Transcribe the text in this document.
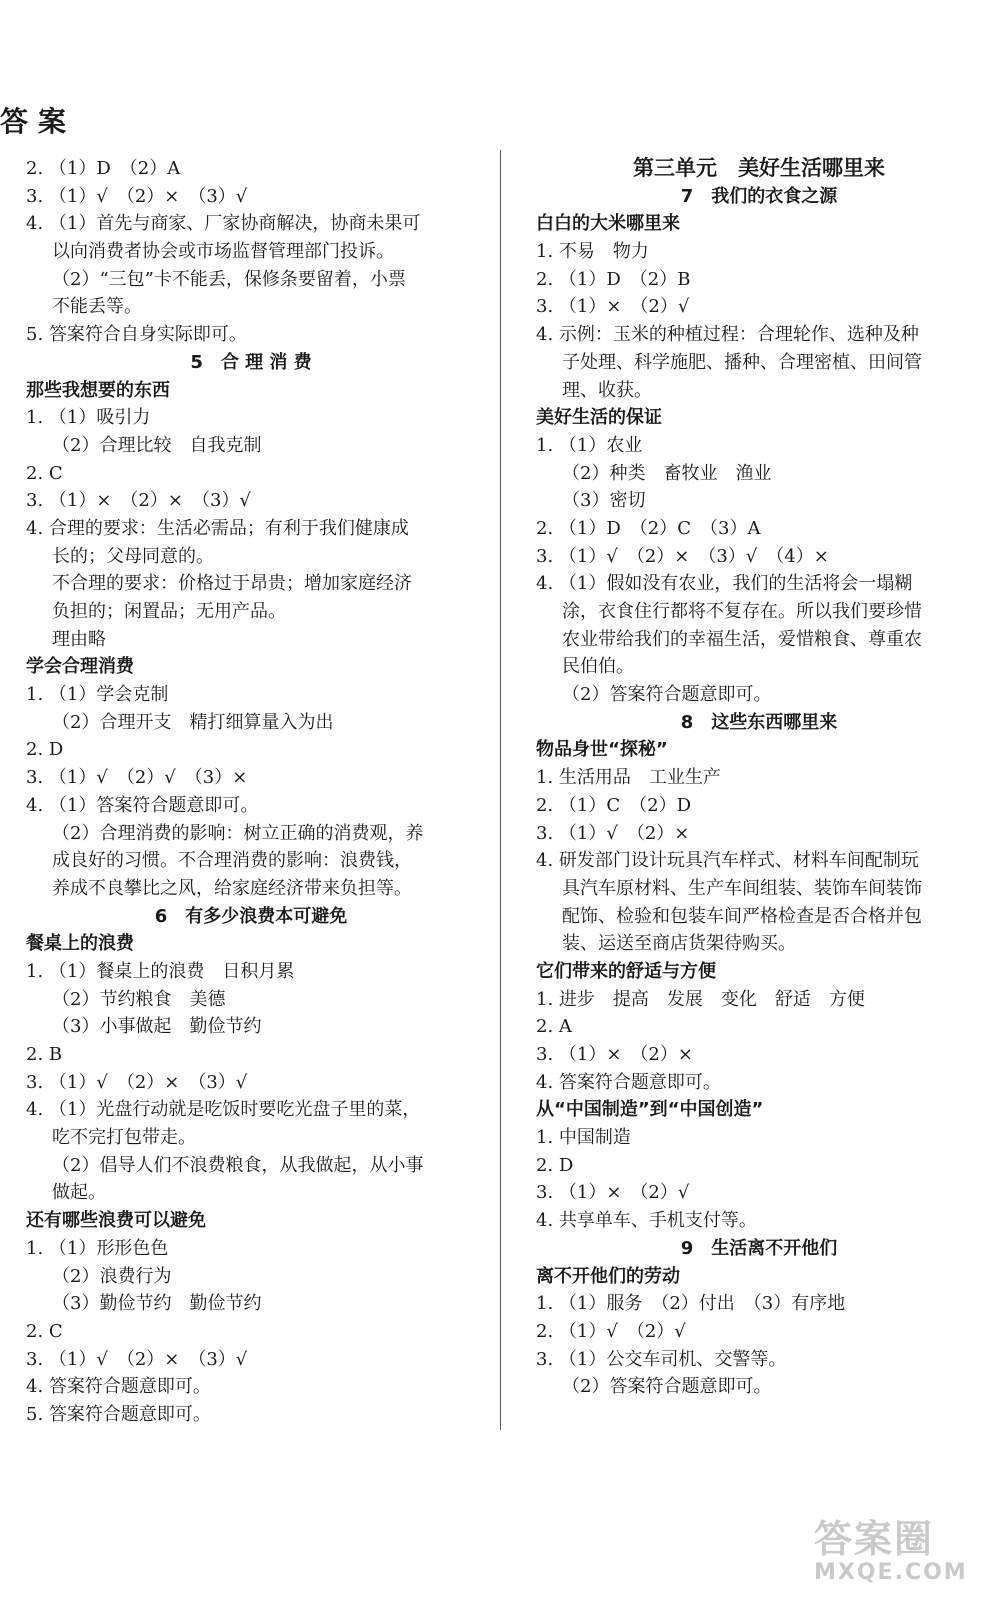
答案
2. （1）D　（2）A
3. （1）√　（2）×　（3）√
4. （1）首先与商家、厂家协商解决，协商未果可
以向消费者协会或市场监督管理部门投诉。
（2）“三包”卡不能丢，保修条要留着，小票
不能丢等。
5. 答案符合自身实际即可。
5　合 理 消 费
那些我想要的东西
1. （1）吸引力
（2）合理比较　自我克制
2. C
3. （1）×　（2）×　（3）√
4. 合理的要求：生活必需品；有利于我们健康成
长的；父母同意的。
不合理的要求：价格过于昂贵；增加家庭经济
负担的；闲置品；无用产品。
理由略
学会合理消费
1. （1）学会克制
（2）合理开支　精打细算量入为出
2. D
3. （1）√　（2）√　（3）×
4. （1）答案符合题意即可。
（2）合理消费的影响：树立正确的消费观，养
成良好的习惯。不合理消费的影响：浪费钱，
养成不良攀比之风，给家庭经济带来负担等。
6　有多少浪费本可避免
餐桌上的浪费
1. （1）餐桌上的浪费　日积月累
（2）节约粮食　美德
（3）小事做起　勤俭节约
2. B
3. （1）√　（2）×　（3）√
4. （1）光盘行动就是吃饭时要吃光盘子里的菜，
吃不完打包带走。
（2）倡导人们不浪费粮食，从我做起，从小事
做起。
还有哪些浪费可以避免
1. （1）形形色色
（2）浪费行为
（3）勤俭节约　勤俭节约
2. C
3. （1）√　（2）×　（3）√
4. 答案符合题意即可。
5. 答案符合题意即可。
第三单元　美好生活哪里来
7　我们的衣食之源
白白的大米哪里来
1. 不易　物力
2. （1）D　（2）B
3. （1）×　（2）√
4. 示例：玉米的种植过程：合理轮作、选种及种
子处理、科学施肥、播种、合理密植、田间管
理、收获。
美好生活的保证
1. （1）农业
（2）种类　畜牧业　渔业
（3）密切
2. （1）D　（2）C　（3）A
3. （1）√　（2）×　（3）√　（4）×
4. （1）假如没有农业，我们的生活将会一塌糊
涂，衣食住行都将不复存在。所以我们要珍惜
农业带给我们的幸福生活，爱惜粮食、尊重农
民伯伯。
（2）答案符合题意即可。
8　这些东西哪里来
物品身世“探秘”
1. 生活用品　工业生产
2. （1）C　（2）D
3. （1）√　（2）×
4. 研发部门设计玩具汽车样式、材料车间配制玩
具汽车原材料、生产车间组装、装饰车间装饰
配饰、检验和包装车间严格检查是否合格并包
装、运送至商店货架待购买。
它们带来的舒适与方便
1. 进步　提高　发展　变化　舒适　方便
2. A
3. （1）×　（2）×
4. 答案符合题意即可。
从“中国制造”到“中国创造”
1. 中国制造
2. D
3. （1）×　（2）√
4. 共享单车、手机支付等。
9　生活离不开他们
离不开他们的劳动
1. （1）服务　（2）付出　（3）有序地
2. （1）√　（2）√
3. （1）公交车司机、交警等。
（2）答案符合题意即可。
答案圈
MXQE.COM
